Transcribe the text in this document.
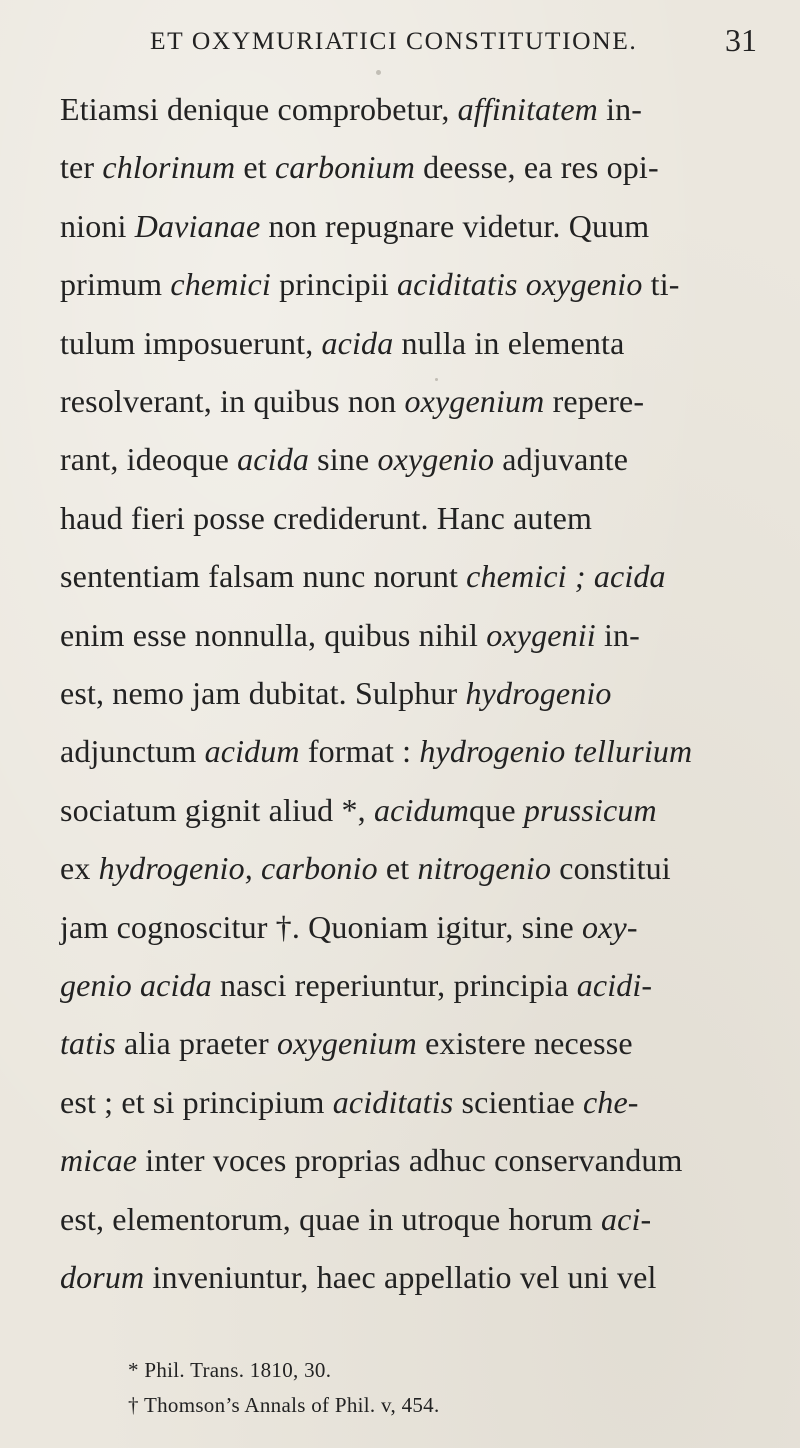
ET OXYMURIATICI CONSTITUTIONE.	31
Etiamsi denique comprobetur, affinitatem in-
ter chlorinum et carbonium deesse, ea res opi-
nioni Davianae non repugnare videtur. Quum
primum chemici principii aciditatis oxygenio ti-
tulum imposuerunt, acida nulla in elementa
resolverant, in quibus non oxygenium repere-
rant, ideoque acida sine oxygenio adjuvante
haud fieri posse crediderunt. Hanc autem
sententiam falsam nunc norunt chemici ; acida
enim esse nonnulla, quibus nihil oxygenii in-
est, nemo jam dubitat. Sulphur hydrogenio
adjunctum acidum format : hydrogenio tellurium
sociatum gignit aliud *, acidumque prussicum
ex hydrogenio, carbonio et nitrogenio constitui
jam cognoscitur †. Quoniam igitur, sine oxy-
genio acida nasci reperiuntur, principia acidi-
tatis alia praeter oxygenium existere necesse
est ; et si principium aciditatis scientiae che-
micae inter voces proprias adhuc conservandum
est, elementorum, quae in utroque horum aci-
dorum inveniuntur, haec appellatio vel uni vel
* Phil. Trans. 1810, 30.
† Thomson’s Annals of Phil. v, 454.
